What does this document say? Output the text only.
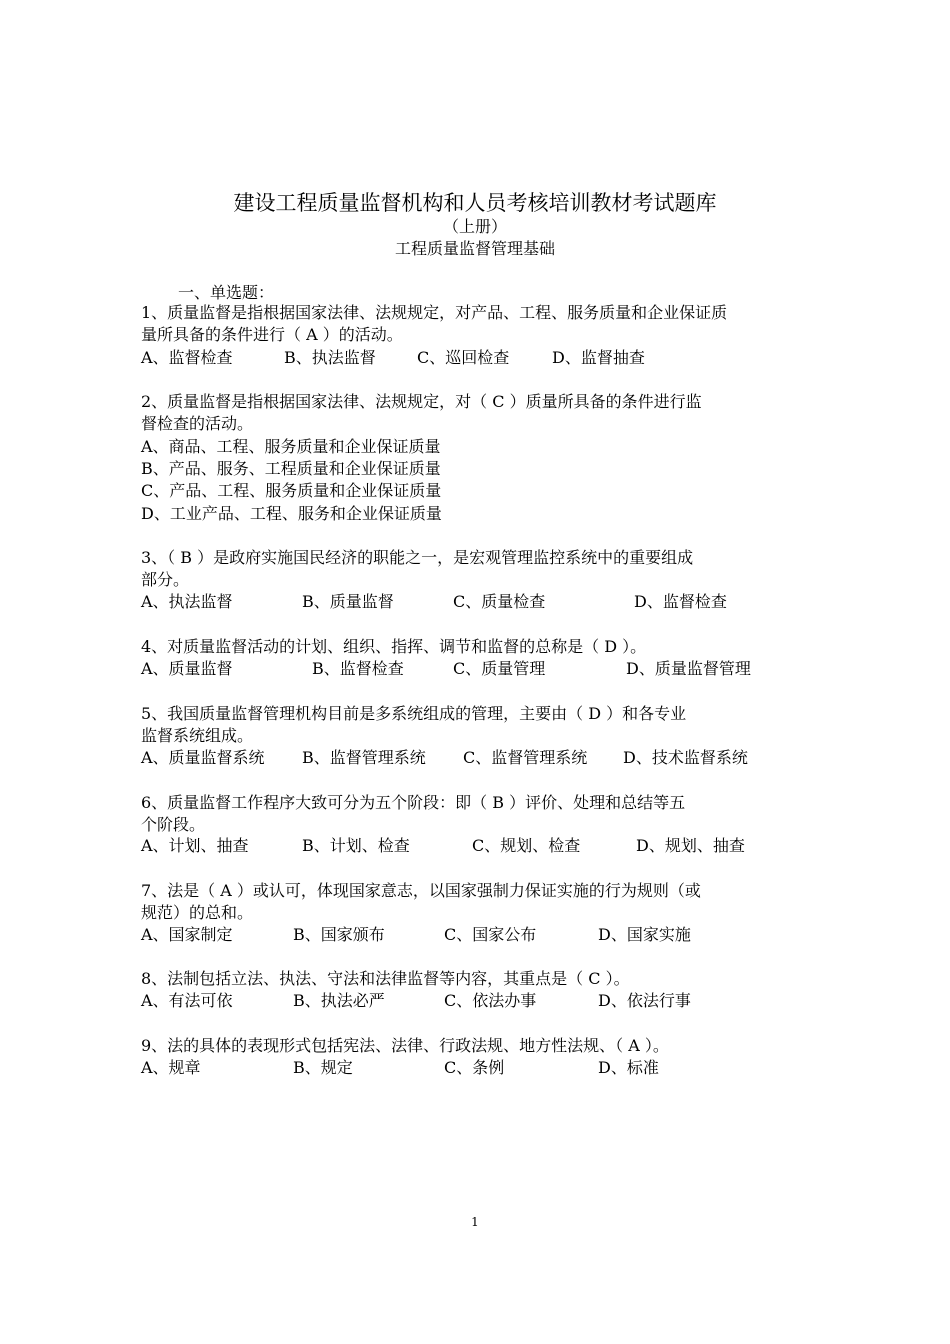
建设工程质量监督机构和人员考核培训教材考试题库
（上册）
工程质量监督管理基础
一、单选题：
1、质量监督是指根据国家法律、法规规定，对产品、工程、服务质量和企业保证质
量所具备的条件进行（ A ）的活动。
A、监督检查	B、执法监督	C、巡回检查	D、监督抽查
2、质量监督是指根据国家法律、法规规定，对（ C ）质量所具备的条件进行监
督检查的活动。
A、商品、工程、服务质量和企业保证质量
B、产品、服务、工程质量和企业保证质量
C、产品、工程、服务质量和企业保证质量
D、工业产品、工程、服务和企业保证质量
3、（ B ）是政府实施国民经济的职能之一，是宏观管理监控系统中的重要组成
部分。
A、执法监督	B、质量监督	C、质量检查	D、监督检查
4、对质量监督活动的计划、组织、指挥、调节和监督的总称是（ D ）。
A、质量监督	B、监督检查	C、质量管理	D、质量监督管理
5、我国质量监督管理机构目前是多系统组成的管理，主要由（ D ）和各专业
监督系统组成。
A、质量监督系统 B、监督管理系统 C、监督管理系统 D、技术监督系统
6、质量监督工作程序大致可分为五个阶段：即（ B ）评价、处理和总结等五
个阶段。
A、计划、抽查	B、计划、检查	C、规划、检查	D、规划、抽查
7、法是（ A ）或认可，体现国家意志，以国家强制力保证实施的行为规则（或
规范）的总和。
A、国家制定	B、国家颁布	C、国家公布	D、国家实施
8、法制包括立法、执法、守法和法律监督等内容，其重点是（ C ）。
A、有法可依	B、执法必严	C、依法办事	D、依法行事
9、法的具体的表现形式包括宪法、法律、行政法规、地方性法规、（ A ）。
A、规章	B、规定	C、条例	D、标准
1
